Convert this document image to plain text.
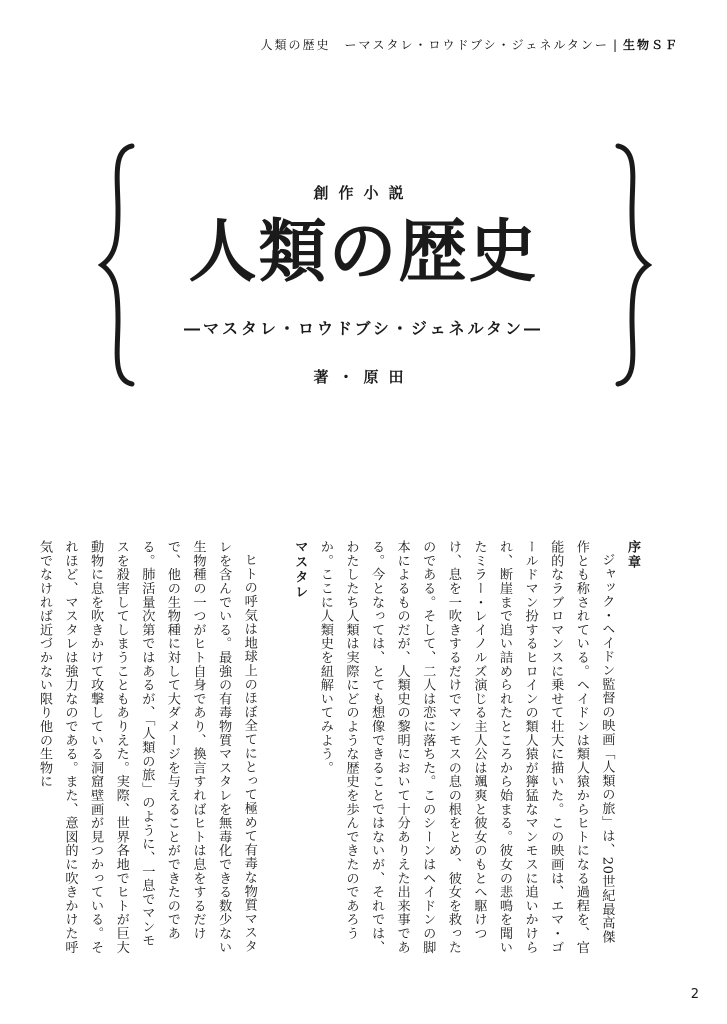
人類の歴史　ーマスタレ・ロウドブシ・ジェネルタンー | 生物ＳＦ
創作小説
人類の歴史
―マスタレ・ロウドブシ・ジェネルタン―
著・原田
序章

ジャック・ヘイドン監督の映画「人類の旅」は、20世紀最高傑作とも称されている。ヘイドンは類人猿からヒトになる過程を、官能的なラブロマンスに乗せて壮大に描いた。この映画は、エマ・ゴールドマン扮するヒロインの類人猿が獰猛なマンモスに追いかけられ、断崖まで追い詰められたところから始まる。彼女の悲鳴を聞いたミラー・レイノルズ演じる主人公は颯爽と彼女のもとへ駆けつけ、息を一吹きするだけでマンモスの息の根をとめ、彼女を救ったのである。そして、二人は恋に落ちた。このシーンはヘイドンの脚本によるものだが、人類史の黎明において十分ありえた出来事である。今となっては、とても想像できることではないが、それでは、わたしたち人類は実際にどのような歴史を歩んできたのであろうか。ここに人類史を紐解いてみよう。

マスタレ

ヒトの呼気は地球上のほぼ全てにとって極めて有毒な物質マスタレを含んでいる。最強の有毒物質マスタレを無毒化できる数少ない生物種の一つがヒト自身であり、換言すればヒトは息をするだけで、他の生物種に対して大ダメージを与えることができたのである。肺活量次第ではあるが、「人類の旅」のように、一息でマンモスを殺害してしまうこともありえた。実際、世界各地でヒトが巨大動物に息を吹きかけて攻撃している洞窟壁画が見つかっている。それほど、マスタレは強力なのである。また、意図的に吹きかけた呼気でなければ近づかない限り他の生物に

2
